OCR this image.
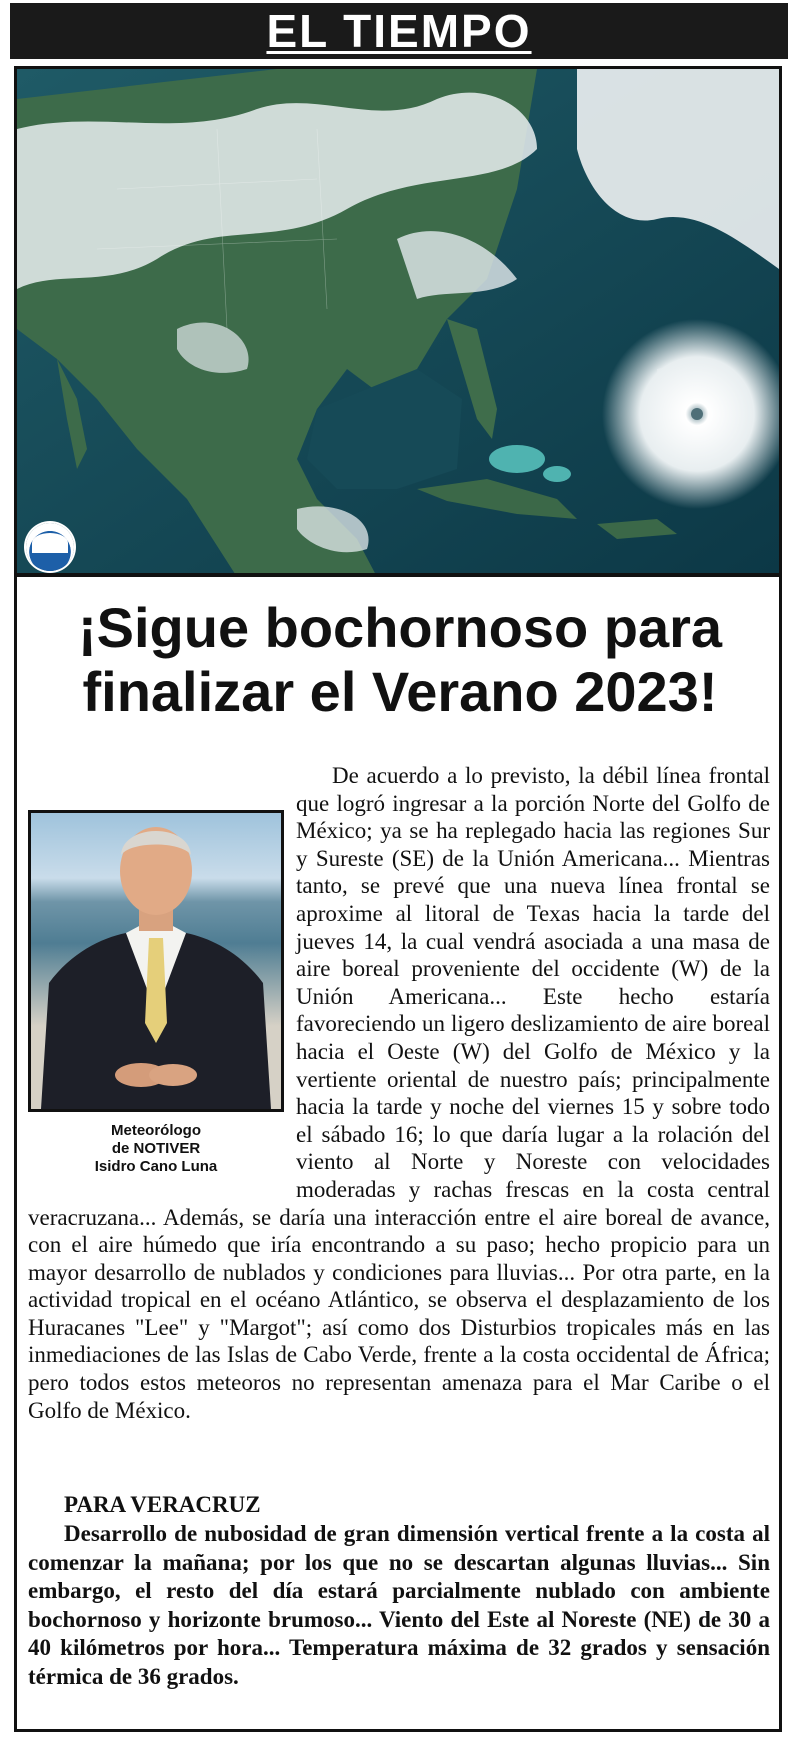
EL TIEMPO
¡Sigue bochornoso para finalizar el Verano 2023!
Meteorólogo
de NOTIVER
Isidro Cano Luna

De acuerdo a lo previsto, la débil línea frontal que logró ingresar a la porción Norte del Golfo de México; ya se ha replegado hacia las regiones Sur y Sureste (SE) de la Unión Americana... Mientras tanto, se prevé que una nueva línea frontal se aproxime al litoral de Texas hacia la tarde del jueves 14, la cual vendrá asociada a una masa de aire boreal proveniente del occidente (W) de la Unión Americana... Este hecho estaría favoreciendo un ligero deslizamiento de aire boreal hacia el Oeste (W) del Golfo de México y la vertiente oriental de nuestro país; principalmente hacia la tarde y noche del viernes 15 y sobre todo el sábado 16; lo que daría lugar a la rolación del viento al Norte y Noreste con velocidades moderadas y rachas frescas en la costa central veracruzana... Además, se daría una interacción entre el aire boreal de avance, con el aire húmedo que iría encontrando a su paso; hecho propicio para un mayor desarrollo de nublados y condiciones para lluvias... Por otra parte, en la actividad tropical en el océano Atlántico, se observa el desplazamiento de los Huracanes "Lee" y "Margot"; así como dos Disturbios tropicales más en las inmediaciones de las Islas de Cabo Verde, frente a la costa occidental de África; pero todos estos meteoros no representan amenaza para el Mar Caribe o el Golfo de México.

PARA VERACRUZ

Desarrollo de nubosidad de gran dimensión vertical frente a la costa al comenzar la mañana; por los que no se descartan algunas lluvias... Sin embargo, el resto del día estará parcialmente nublado con ambiente bochornoso y horizonte brumoso... Viento del Este al Noreste (NE) de 30 a 40 kilómetros por hora... Temperatura máxima de 32 grados y sensación térmica de 36 grados.
